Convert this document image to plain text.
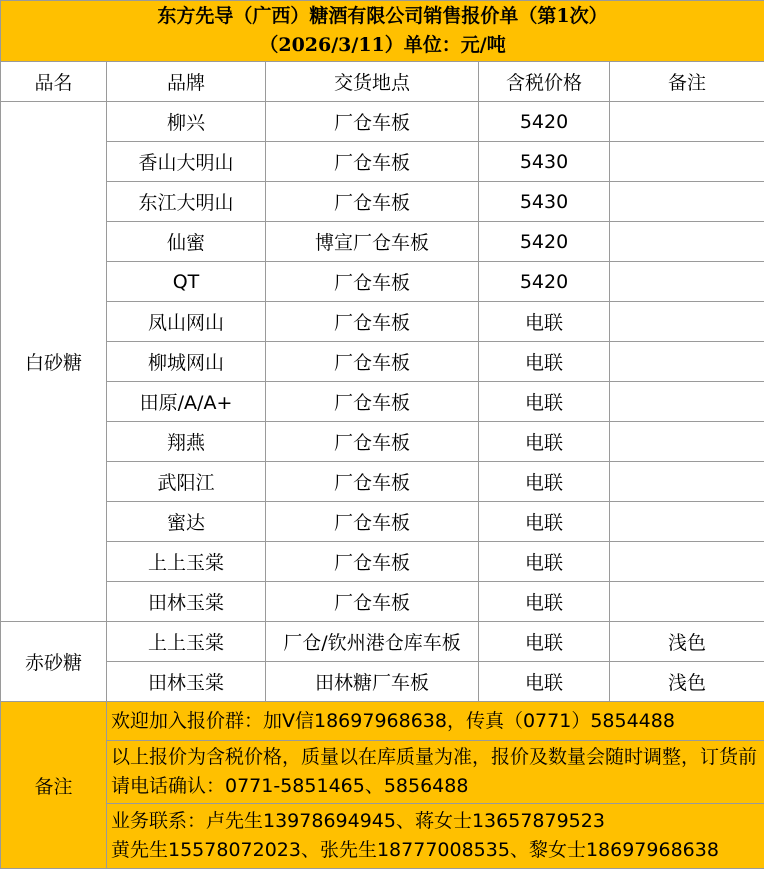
东方先导（广西）糖酒有限公司销售报价单（第1次）
（2026/3/11）单位：元/吨				

品名	品牌	交货地点	含税价格	备注
白砂糖	柳兴	厂仓车板	5420	
	香山大明山	厂仓车板	5430	
	东江大明山	厂仓车板	5430	
	仙蜜	博宣厂仓车板	5420	
	QT	厂仓车板	5420	
	凤山网山	厂仓车板	电联	
	柳城网山	厂仓车板	电联	
	田原/A/A+	厂仓车板	电联	
	翔燕	厂仓车板	电联	
	武阳江	厂仓车板	电联	
	蜜达	厂仓车板	电联	
	上上玉棠	厂仓车板	电联	
	田林玉棠	厂仓车板	电联	
赤砂糖	上上玉棠	厂仓/钦州港仓库车板	电联	浅色
	田林玉棠	田林糖厂车板	电联	浅色
备注	欢迎加入报价群：加V信18697968638，传真（0771）5854488			
	以上报价为含税价格，质量以在库质量为准，报价及数量会随时调整，订货前请电话确认：0771-5851465、5856488			

	业务联系：卢先生13978694945、蒋女士13657879523
黄先生15578072023、张先生18777008535、黎女士18697968638			
